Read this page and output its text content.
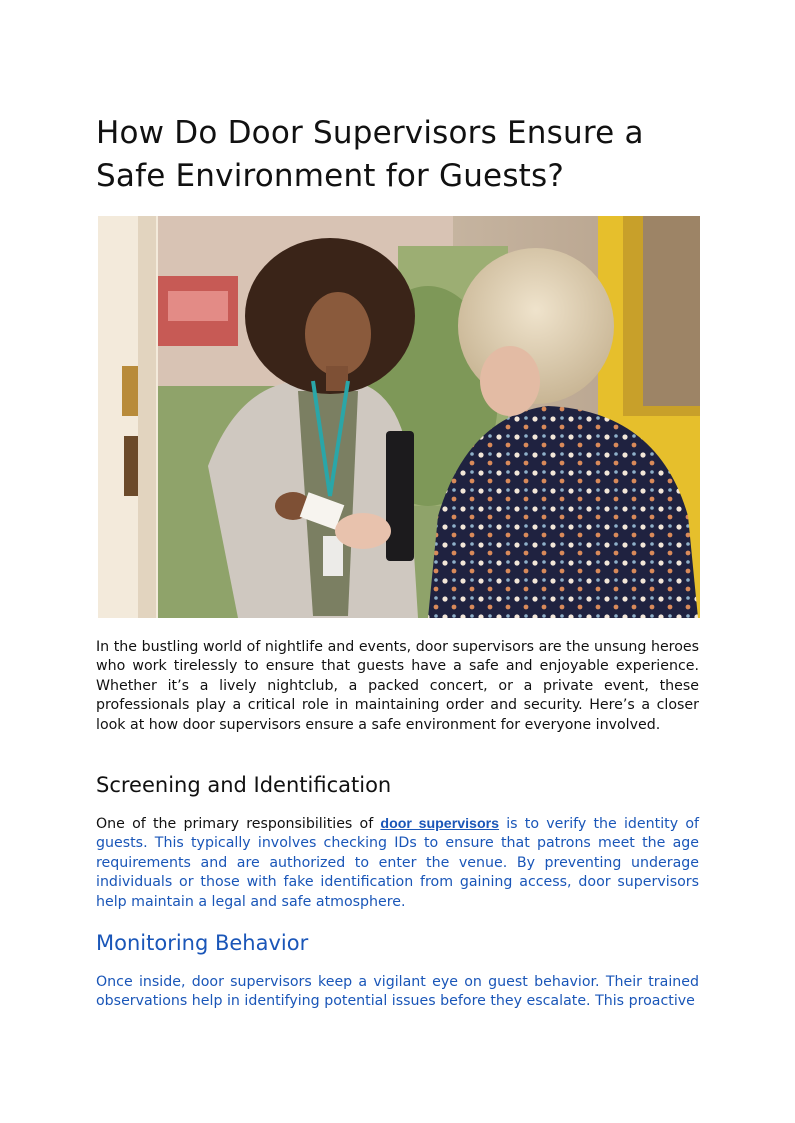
How Do Door Supervisors Ensure a Safe Environment for Guests?

In the bustling world of nightlife and events, door supervisors are the unsung heroes who work tirelessly to ensure that guests have a safe and enjoyable experience. Whether it’s a lively nightclub, a packed concert, or a private event, these professionals play a critical role in maintaining order and security. Here’s a closer look at how door supervisors ensure a safe environment for everyone involved.

Screening and Identification

One of the primary responsibilities of door supervisors is to verify the identity of guests. This typically involves checking IDs to ensure that patrons meet the age requirements and are authorized to enter the venue. By preventing underage individuals or those with fake identification from gaining access, door supervisors help maintain a legal and safe atmosphere.

Monitoring Behavior

Once inside, door supervisors keep a vigilant eye on guest behavior. Their trained observations help in identifying potential issues before they escalate. This proactive
